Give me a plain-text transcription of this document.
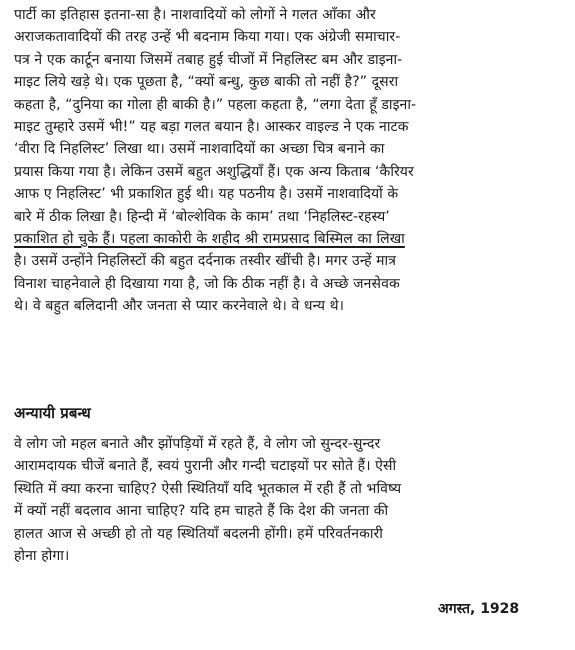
पार्टी का इतिहास इतना-सा है। नाशवादियों को लोगों ने गलत आँका और
अराजकतावादियों की तरह उन्हें भी बदनाम किया गया। एक अंग्रेजी समाचार-
पत्र ने एक कार्टून बनाया जिसमें तबाह हुई चीजों में निहलिस्ट बम और डाइना-
माइट लिये खड़े थे। एक पूछता है, “क्यों बन्धु, कुछ बाकी तो नहीं है?” दूसरा
कहता है, “दुनिया का गोला ही बाकी है।” पहला कहता है, “लगा देता हूँ डाइना-
माइट तुम्हारे उसमें भी!” यह बड़ा गलत बयान है। आस्कर वाइल्ड ने एक नाटक
‘वीरा दि निहलिस्ट’ लिखा था। उसमें नाशवादियों का अच्छा चित्र बनाने का
प्रयास किया गया है। लेकिन उसमें बहुत अशुद्धियाँ हैं। एक अन्य किताब ‘कैरियर
आफ ए निहलिस्ट’ भी प्रकाशित हुई थी। यह पठनीय है। उसमें नाशवादियों के
बारे में ठीक लिखा है। हिन्दी में ‘बोल्शेविक के काम’ तथा ‘निहलिस्ट-रहस्य’
प्रकाशित हो चुके हैं। पहला काकोरी के शहीद श्री रामप्रसाद बिस्मिल का लिखा
है। उसमें उन्होंने निहलिस्टों की बहुत दर्दनाक तस्वीर खींची है। मगर उन्हें मात्र
विनाश चाहनेवाले ही दिखाया गया है, जो कि ठीक नहीं है। वे अच्छे जनसेवक
थे। वे बहुत बलिदानी और जनता से प्यार करनेवाले थे। वे धन्य थे।
अन्यायी प्रबन्ध
वे लोग जो महल बनाते और झोंपड़ियों में रहते हैं, वे लोग जो सुन्दर-सुन्दर
आरामदायक चीजें बनाते हैं, स्वयं पुरानी और गन्दी चटाइयों पर सोते हैं। ऐसी
स्थिति में क्या करना चाहिए? ऐसी स्थितियाँ यदि भूतकाल में रही हैं तो भविष्य
में क्यों नहीं बदलाव आना चाहिए? यदि हम चाहते हैं कि देश की जनता की
हालत आज से अच्छी हो तो यह स्थितियाँ बदलनी होंगी। हमें परिवर्तनकारी
होना होगा।
अगस्त, 1928
